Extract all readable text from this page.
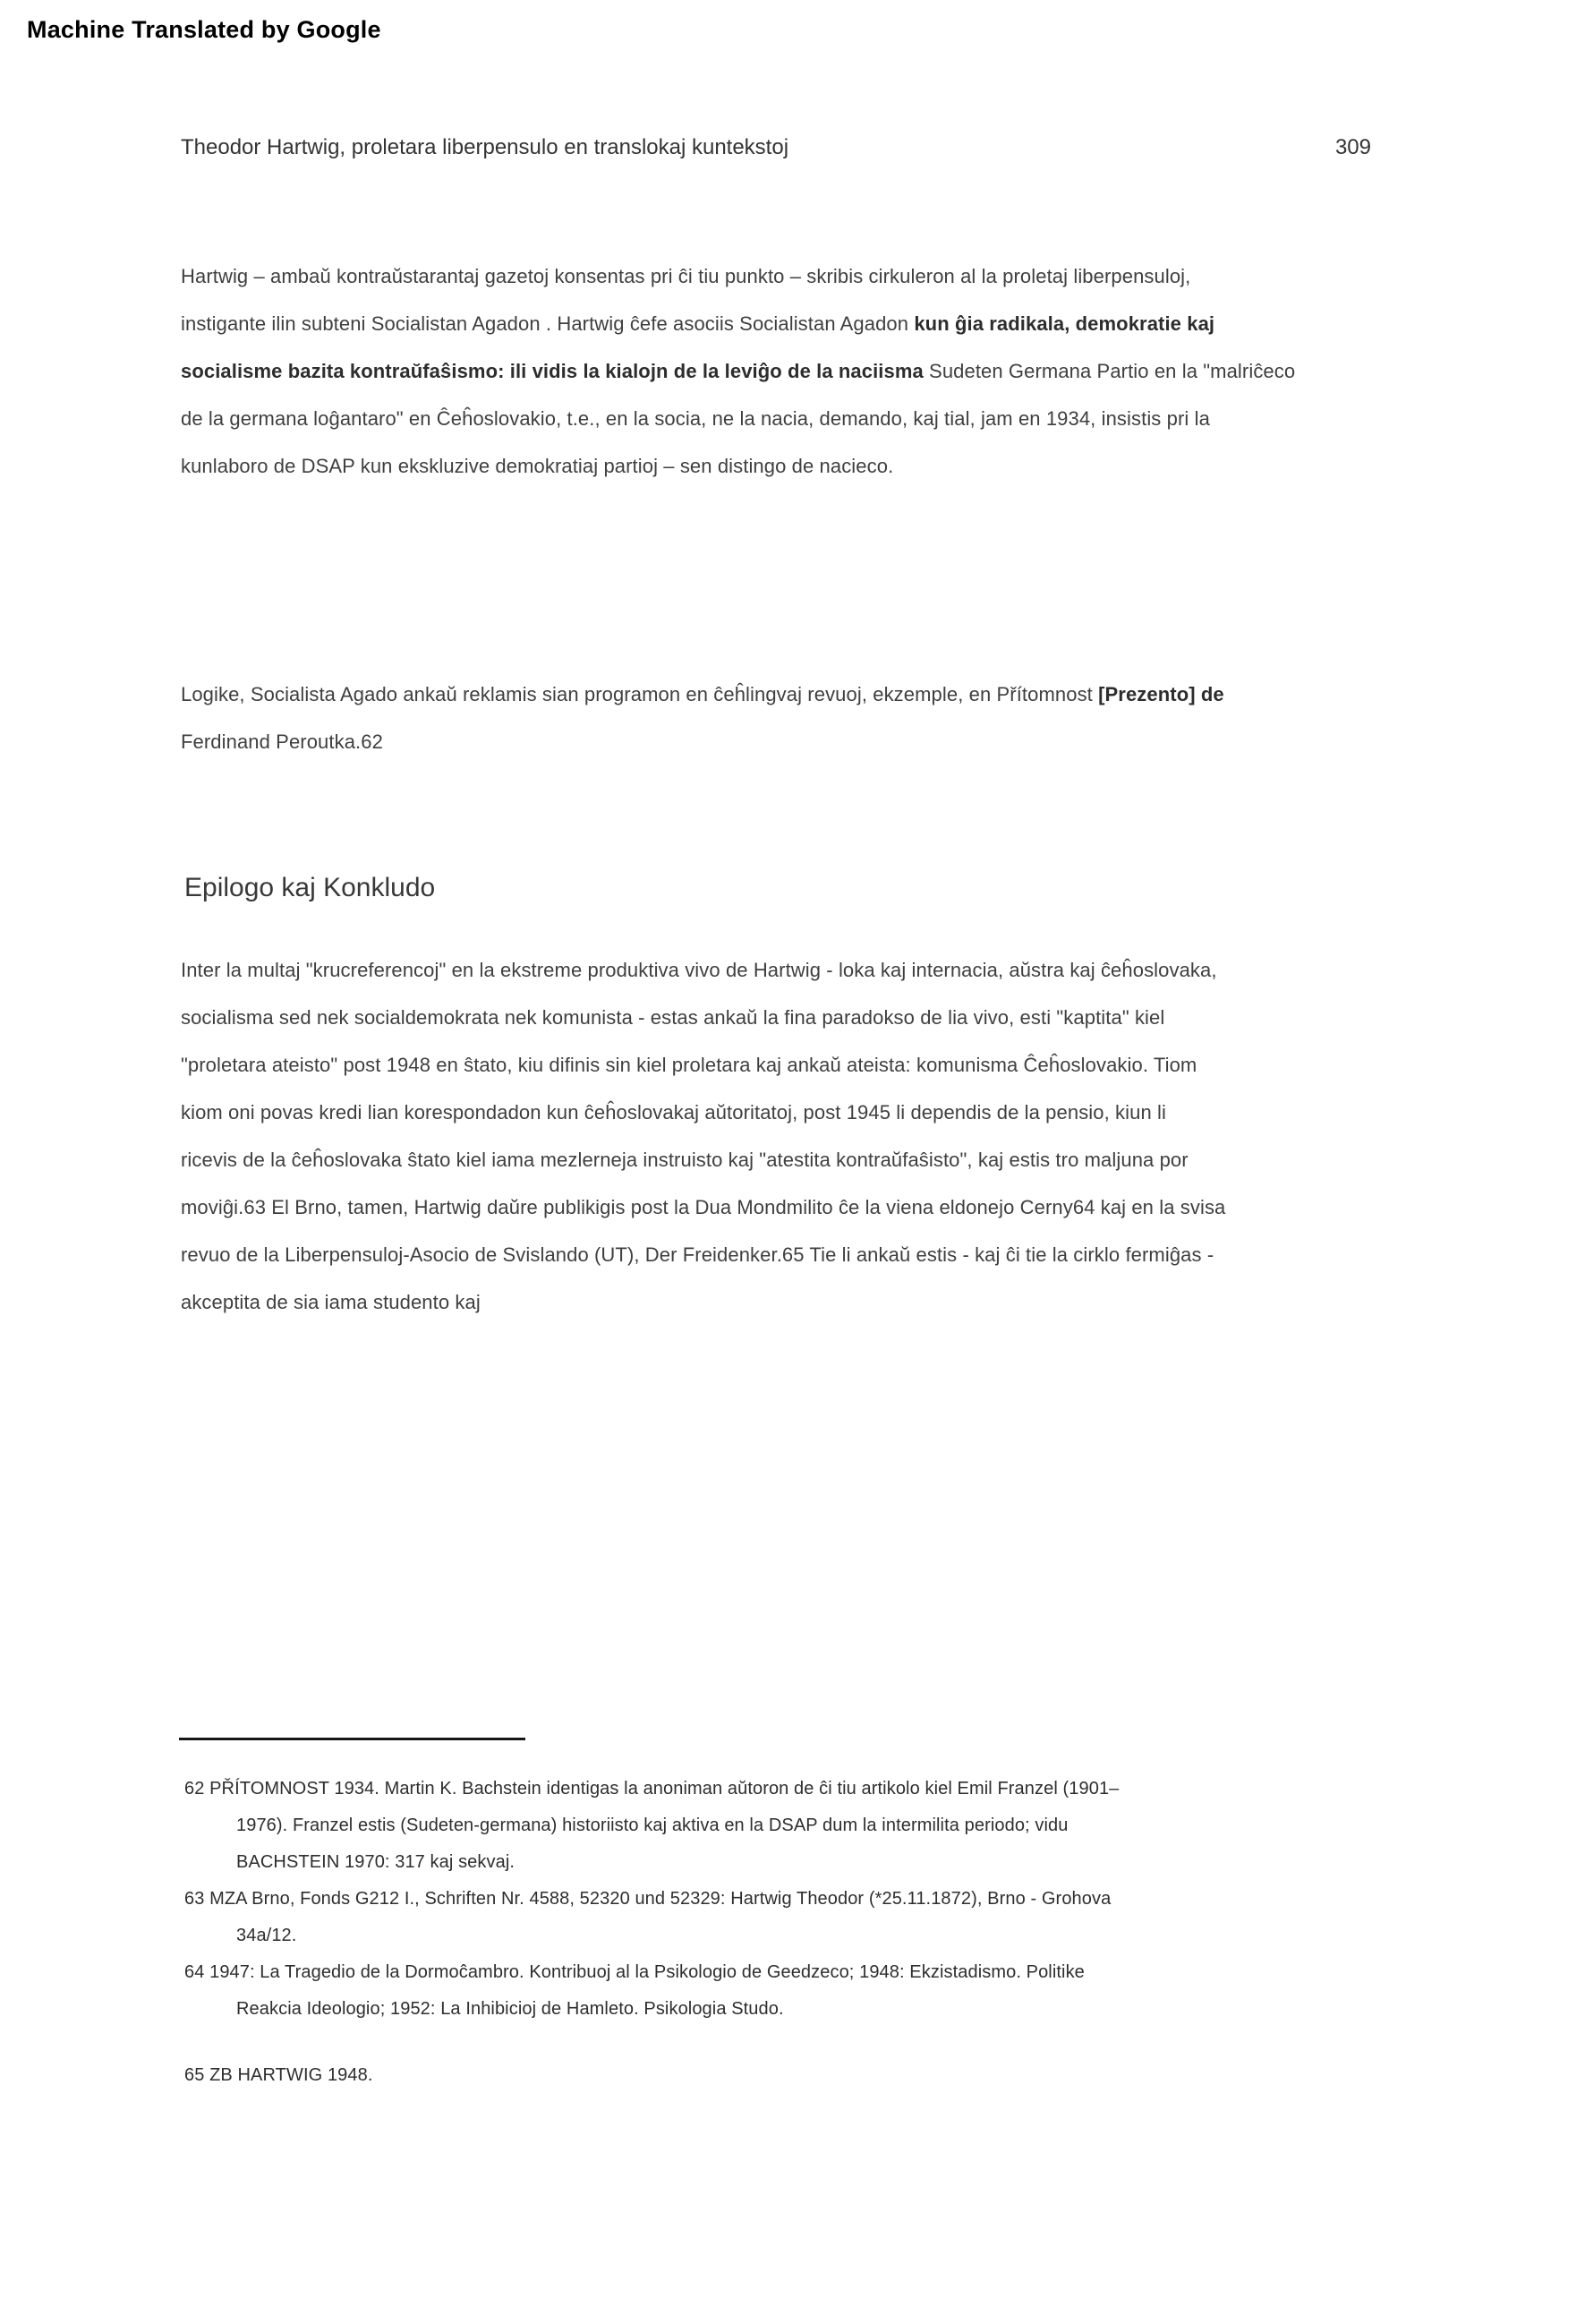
Machine Translated by Google
Theodor Hartwig, proletara liberpensulo en translokaj kuntekstoj	309
Hartwig – ambaŭ kontraŭstarantaj gazetoj konsentas pri ĉi tiu punkto – skribis cirkuleron al la proletaj liberpensuloj,
instigante ilin subteni Socialistan Agadon . Hartwig ĉefe asociis Socialistan Agadon kun ĝia radikala, demokratie kaj
socialisme bazita kontraŭfaŝismo: ili vidis la kialojn de la leviĝo de la naciisma Sudeten Germana Partio en la "malriĉeco
de la germana loĝantaro" en Ĉeĥoslovakio, t.e., en la socia, ne la nacia, demando, kaj tial, jam en 1934, insistis pri la
kunlaboro de DSAP kun ekskluzive demokratiaj partioj – sen distingo de nacieco.
Logike, Socialista Agado ankaŭ reklamis sian programon en ĉeĥlingvaj revuoj, ekzemple, en Přítomnost [Prezento] de
Ferdinand Peroutka.62
Epilogo kaj Konkludo
Inter la multaj "krucreferencoj" en la ekstreme produktiva vivo de Hartwig - loka kaj internacia, aŭstra kaj ĉeĥoslovaka,
socialisma sed nek socialdemokrata nek komunista - estas ankaŭ la fina paradokso de lia vivo, esti "kaptita" kiel
"proletara ateisto" post 1948 en ŝtato, kiu difinis sin kiel proletara kaj ankaŭ ateista: komunisma Ĉeĥoslovakio. Tiom
kiom oni povas kredi lian korespondadon kun ĉeĥoslovakaj aŭtoritatoj, post 1945 li dependis de la pensio, kiun li
ricevis de la ĉeĥoslovaka ŝtato kiel iama mezlerneja instruisto kaj "atestita kontraŭfaŝisto", kaj estis tro maljuna por
moviĝi.63 El Brno, tamen, Hartwig daŭre publikigis post la Dua Mondmilito ĉe la viena eldonejo Cerny64 kaj en la svisa
revuo de la Liberpensuloj-Asocio de Svislando (UT), Der Freidenker.65 Tie li ankaŭ estis - kaj ĉi tie la cirklo fermiĝas -
akceptita de sia iama studento kaj
62 PŘÍTOMNOST 1934. Martin K. Bachstein identigas la anoniman aŭtoron de ĉi tiu artikolo kiel Emil Franzel (1901–
1976). Franzel estis (Sudeten-germana) historiisto kaj aktiva en la DSAP dum la intermilita periodo; vidu
BACHSTEIN 1970: 317 kaj sekvaj.
63 MZA Brno, Fonds G212 I., Schriften Nr. 4588, 52320 und 52329: Hartwig Theodor (*25.11.1872), Brno - Grohova
34a/12.
64 1947: La Tragedio de la Dormoĉambro. Kontribuoj al la Psikologio de Geedzeco; 1948: Ekzistadismo. Politike
Reakcia Ideologio; 1952: La Inhibicioj de Hamleto. Psikologia Studo.
65 ZB HARTWIG 1948.
